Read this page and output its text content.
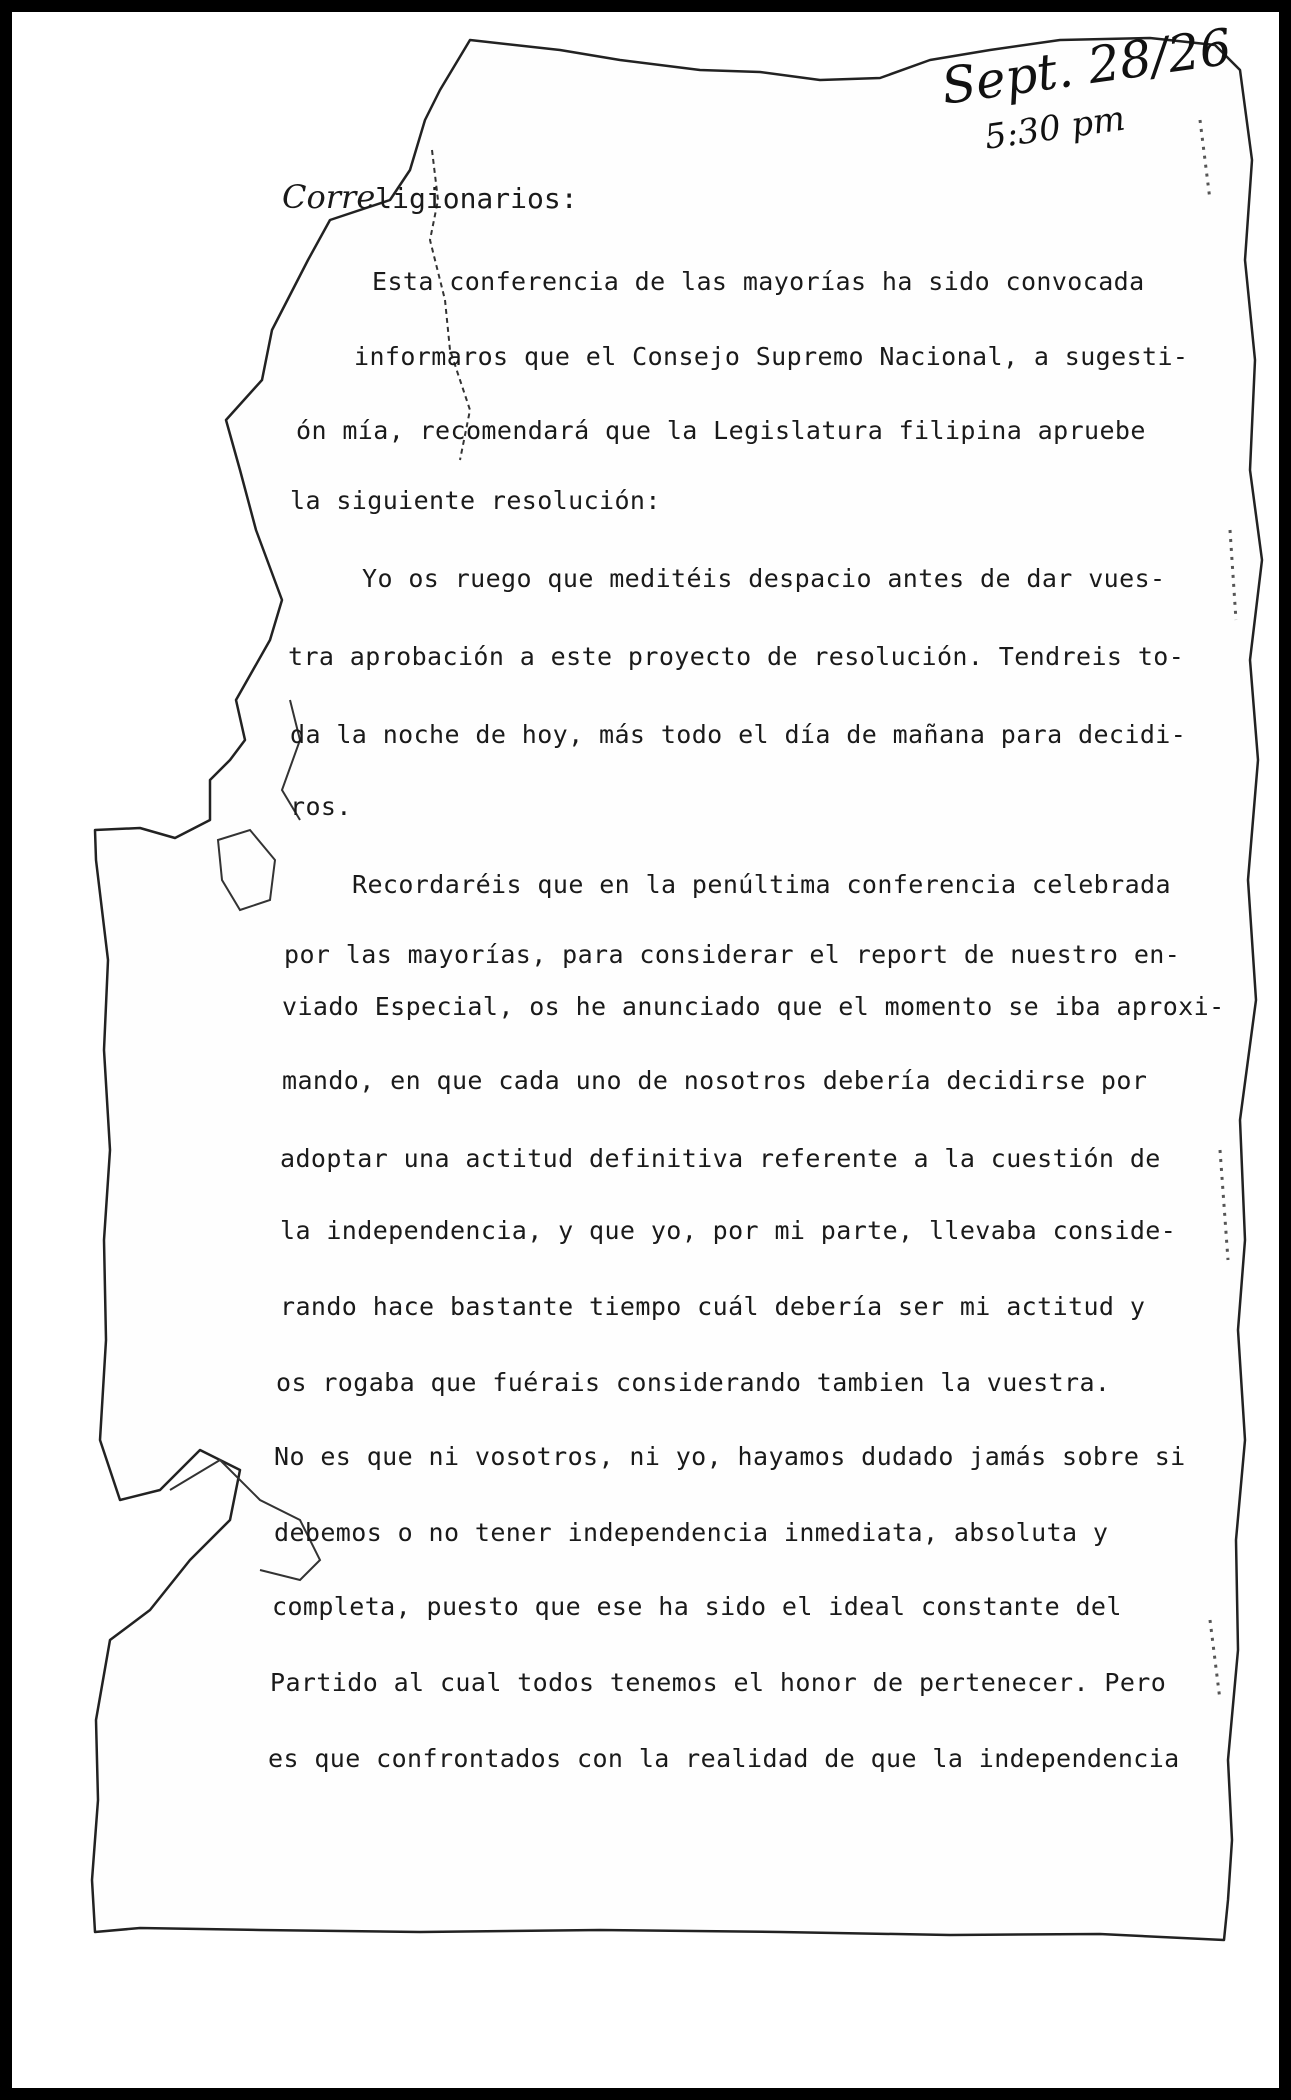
Sept. 28/26
5:30 pm
Correligionarios:
Esta conferencia de las mayorías ha sido convocada
informaros que el Consejo Supremo Nacional, a sugesti-
ón mía, recomendará que la Legislatura filipina apruebe
la siguiente resolución:
Yo os ruego que meditéis despacio antes de dar vues-
tra aprobación a este proyecto de resolución. Tendreis to-
da la noche de hoy, más todo el día de mañana para decidi-
ros.
Recordaréis que en la penúltima conferencia celebrada
por las mayorías, para considerar el report de nuestro en-
viado Especial, os he anunciado que el momento se iba aproxi-
mando, en que cada uno de nosotros debería decidirse por
adoptar una actitud definitiva referente a la cuestión de
la independencia, y que yo, por mi parte, llevaba conside-
rando hace bastante tiempo cuál debería ser mi actitud y
os rogaba que fuérais considerando tambien la vuestra.
No es que ni vosotros, ni yo, hayamos dudado jamás sobre si
debemos o no tener independencia inmediata, absoluta y
completa, puesto que ese ha sido el ideal constante del
Partido al cual todos tenemos el honor de pertenecer. Pero
es que confrontados con la realidad de que la independencia
